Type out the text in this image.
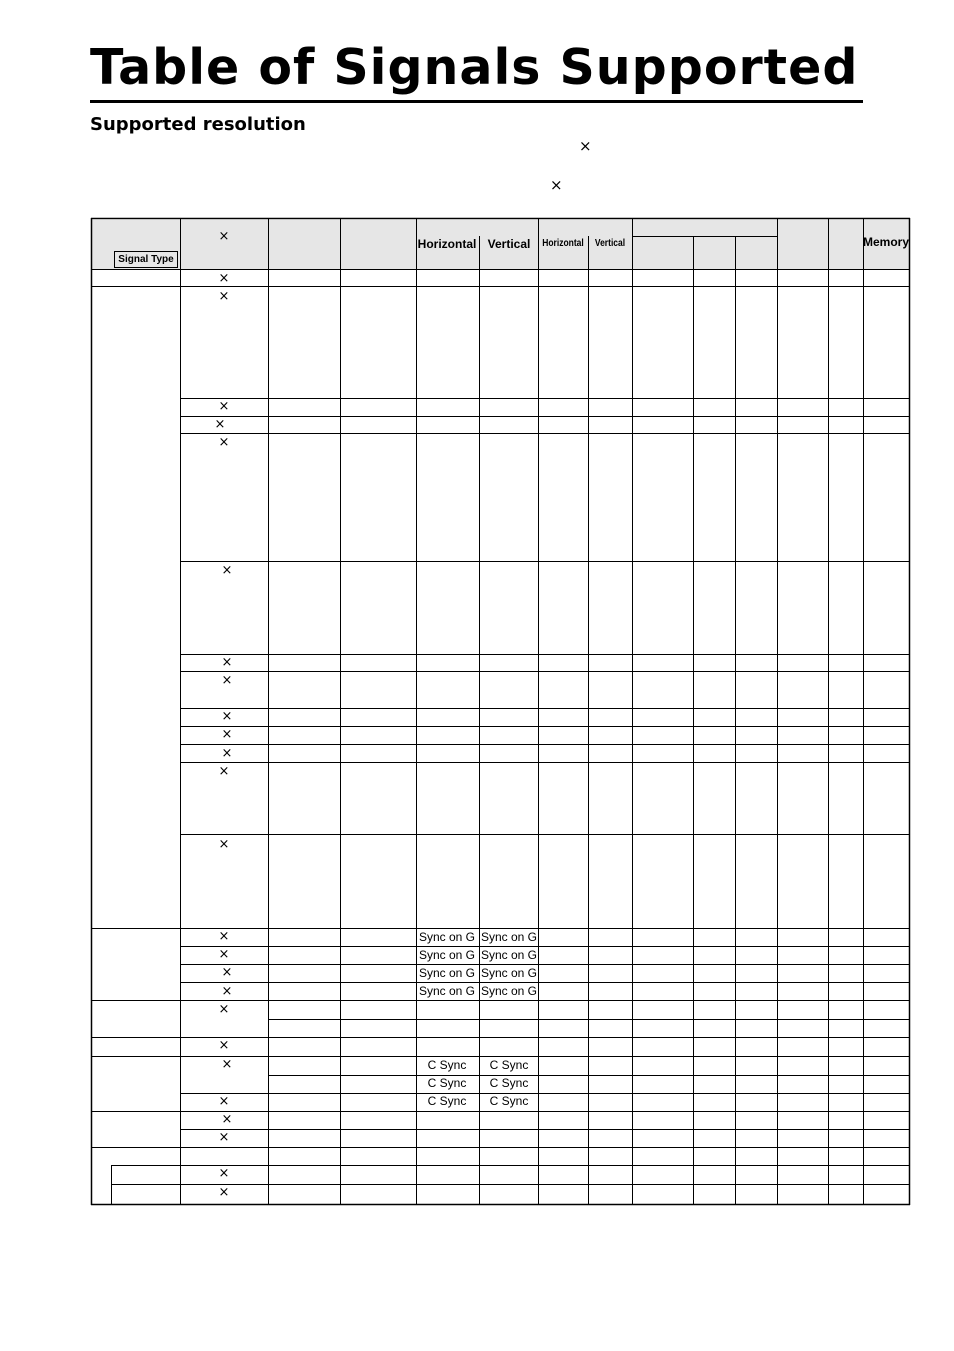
Table of Signals Supported
Supported resolution
×
×
Signal Type
×	Horizontal Vertical Horizontal Vertical	Memory
×
×
×
×
×
×
×
×
×
×
×
×
×
×
×
×
×
×
×
×
×
×
×
×
×
Sync on G Sync on G
Sync on G Sync on G
Sync on G Sync on G
Sync on G Sync on G
C Sync C Sync
C Sync C Sync
C Sync C Sync
